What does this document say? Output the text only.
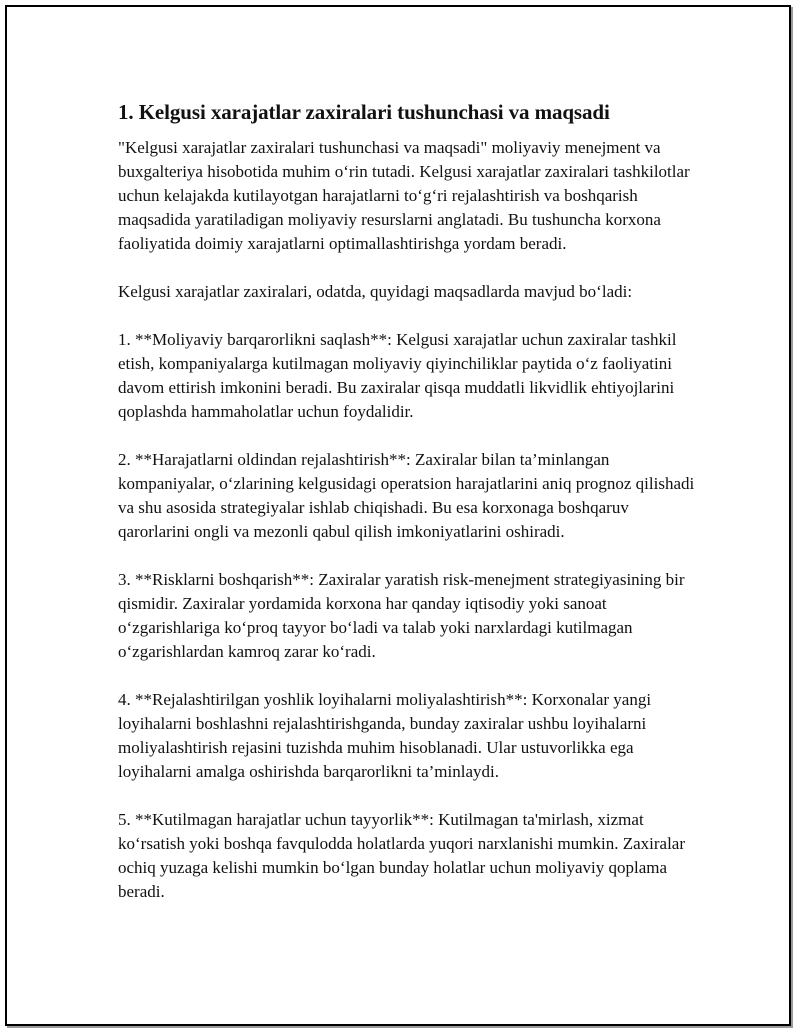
1. Kelgusi xarajatlar zaxiralari tushunchasi va maqsadi

"Kelgusi xarajatlar zaxiralari tushunchasi va maqsadi" moliyaviy menejment va buxgalteriya hisobotida muhim o‘rin tutadi. Kelgusi xarajatlar zaxiralari tashkilotlar uchun kelajakda kutilayotgan harajatlarni to‘g‘ri rejalashtirish va boshqarish maqsadida yaratiladigan moliyaviy resurslarni anglatadi. Bu tushuncha korxona faoliyatida doimiy xarajatlarni optimallashtirishga yordam beradi.

Kelgusi xarajatlar zaxiralari, odatda, quyidagi maqsadlarda mavjud bo‘ladi:

1. **Moliyaviy barqarorlikni saqlash**: Kelgusi xarajatlar uchun zaxiralar tashkil etish, kompaniyalarga kutilmagan moliyaviy qiyinchiliklar paytida o‘z faoliyatini davom ettirish imkonini beradi. Bu zaxiralar qisqa muddatli likvidlik ehtiyojlarini qoplashda hammaholatlar uchun foydalidir.

2. **Harajatlarni oldindan rejalashtirish**: Zaxiralar bilan ta’minlangan kompaniyalar, o‘zlarining kelgusidagi operatsion harajatlarini aniq prognoz qilishadi va shu asosida strategiyalar ishlab chiqishadi. Bu esa korxonaga boshqaruv qarorlarini ongli va mezonli qabul qilish imkoniyatlarini oshiradi.

3. **Risklarni boshqarish**: Zaxiralar yaratish risk-menejment strategiyasining bir qismidir. Zaxiralar yordamida korxona har qanday iqtisodiy yoki sanoat o‘zgarishlariga ko‘proq tayyor bo‘ladi va talab yoki narxlardagi kutilmagan o‘zgarishlardan kamroq zarar ko‘radi.

4. **Rejalashtirilgan yoshlik loyihalarni moliyalashtirish**: Korxonalar yangi loyihalarni boshlashni rejalashtirishganda, bunday zaxiralar ushbu loyihalarni moliyalashtirish rejasini tuzishda muhim hisoblanadi. Ular ustuvorlikka ega loyihalarni amalga oshirishda barqarorlikni ta’minlaydi.

5. **Kutilmagan harajatlar uchun tayyorlik**: Kutilmagan ta'mirlash, xizmat ko‘rsatish yoki boshqa favqulodda holatlarda yuqori narxlanishi mumkin. Zaxiralar ochiq yuzaga kelishi mumkin bo‘lgan bunday holatlar uchun moliyaviy qoplama beradi.
